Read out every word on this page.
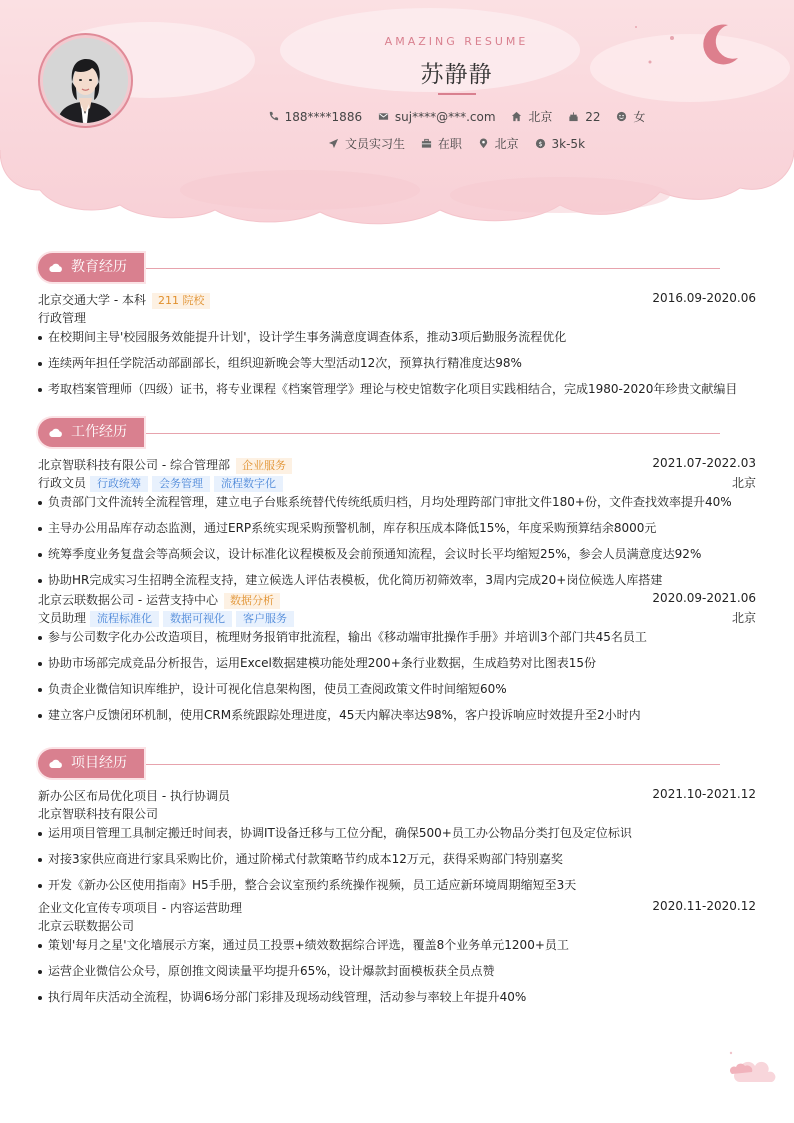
AMAZING RESUME
苏静静
188****1886	suj****@***.com	北京	22	女
文员实习生	在职	北京	$ 3k-5k
教育经历
北京交通大学 - 本科 211 院校	2016.09-2020.06
行政管理
在校期间主导'校园服务效能提升计划'，设计学生事务满意度调查体系，推动3项后勤服务流程优化
连续两年担任学院活动部副部长，组织迎新晚会等大型活动12次，预算执行精准度达98%
考取档案管理师（四级）证书，将专业课程《档案管理学》理论与校史馆数字化项目实践相结合，完成1980-2020年珍贵文献编目
工作经历
北京智联科技有限公司 - 综合管理部 企业服务	2021.07-2022.03
行政文员 行政统筹 会务管理 流程数字化	北京
负责部门文件流转全流程管理，建立电子台账系统替代传统纸质归档，月均处理跨部门审批文件180+份，文件查找效率提升40%
主导办公用品库存动态监测，通过ERP系统实现采购预警机制，库存积压成本降低15%，年度采购预算结余8000元
统筹季度业务复盘会等高频会议，设计标准化议程模板及会前预通知流程，会议时长平均缩短25%，参会人员满意度达92%
协助HR完成实习生招聘全流程支持，建立候选人评估表模板，优化简历初筛效率，3周内完成20+岗位候选人库搭建
北京云联数据公司 - 运营支持中心 数据分析	2020.09-2021.06
文员助理 流程标准化 数据可视化 客户服务	北京
参与公司数字化办公改造项目，梳理财务报销审批流程，输出《移动端审批操作手册》并培训3个部门共45名员工
协助市场部完成竞品分析报告，运用Excel数据建模功能处理200+条行业数据，生成趋势对比图表15份
负责企业微信知识库维护，设计可视化信息架构图，使员工查阅政策文件时间缩短60%
建立客户反馈闭环机制，使用CRM系统跟踪处理进度，45天内解决率达98%，客户投诉响应时效提升至2小时内
项目经历
新办公区布局优化项目 - 执行协调员	2021.10-2021.12
北京智联科技有限公司
运用项目管理工具制定搬迁时间表，协调IT设备迁移与工位分配，确保500+员工办公物品分类打包及定位标识
对接3家供应商进行家具采购比价，通过阶梯式付款策略节约成本12万元，获得采购部门特别嘉奖
开发《新办公区使用指南》H5手册，整合会议室预约系统操作视频，员工适应新环境周期缩短至3天
企业文化宣传专项项目 - 内容运营助理	2020.11-2020.12
北京云联数据公司
策划'每月之星'文化墙展示方案，通过员工投票+绩效数据综合评选，覆盖8个业务单元1200+员工
运营企业微信公众号，原创推文阅读量平均提升65%，设计爆款封面模板获全员点赞
执行周年庆活动全流程，协调6场分部门彩排及现场动线管理，活动参与率较上年提升40%
